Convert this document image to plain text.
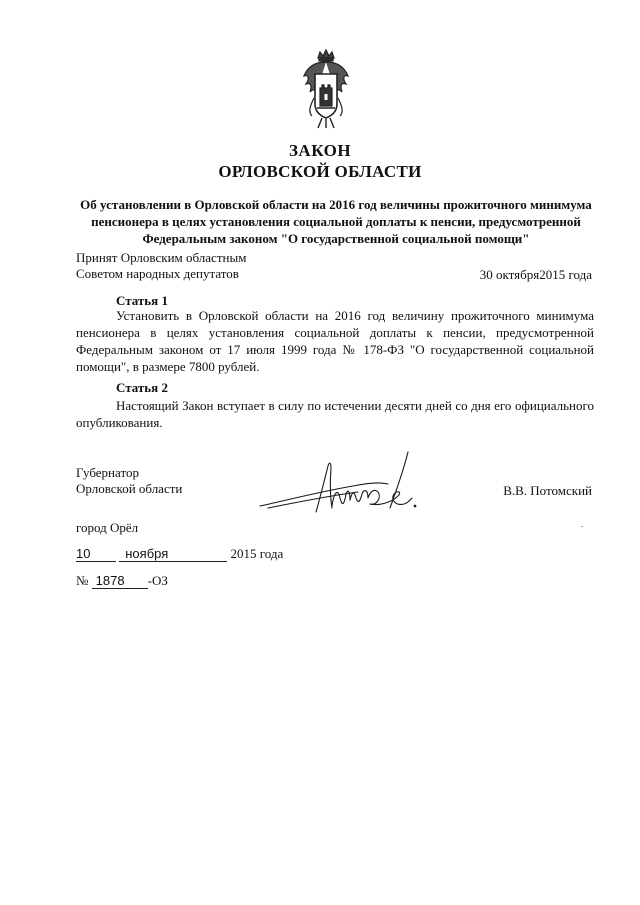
ЗАКОН
ОРЛОВСКОЙ ОБЛАСТИ
Об установлении в Орловской области на 2016 год величины прожиточного минимума пенсионера в целях установления социальной доплаты к пенсии, предусмотренной Федеральным законом "О государственной социальной помощи"
Принят Орловским областным
Советом народных депутатов	30 октября2015 года
Статья 1
Установить в Орловской области на 2016 год величину прожиточного минимума пенсионера в целях установления социальной доплаты к пенсии, предусмотренной Федеральным законом от 17 июля 1999 года № 178-ФЗ "О государственной социальной помощи", в размере 7800 рублей.
Статья 2
Настоящий Закон вступает в силу по истечении десяти дней со дня его официального опубликования.
Губернатор
Орловской области	В.В. Потомский
город Орёл
10	ноября	2015 года
№ 1878 -ОЗ
